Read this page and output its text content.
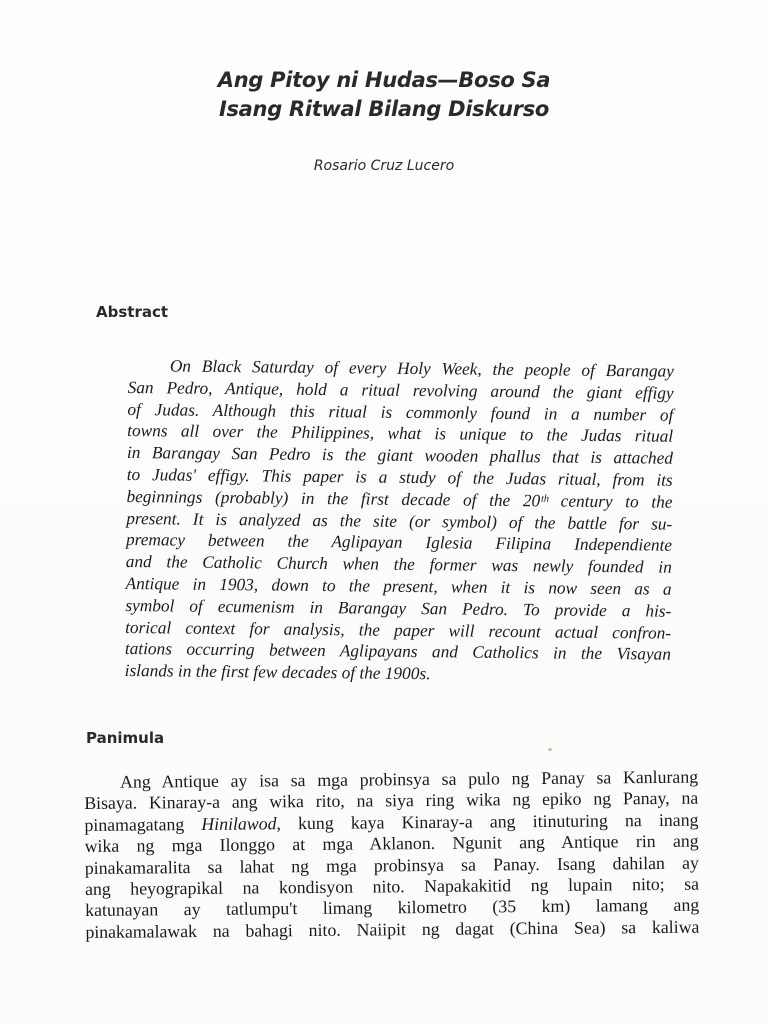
Ang Pitoy ni Hudas—Boso Sa
Isang Ritwal Bilang Diskurso
Rosario Cruz Lucero
Abstract
On Black Saturday of every Holy Week, the people of Barangay
San Pedro, Antique, hold a ritual revolving around the giant effigy
of Judas. Although this ritual is commonly found in a number of
towns all over the Philippines, what is unique to the Judas ritual
in Barangay San Pedro is the giant wooden phallus that is attached
to Judas' effigy. This paper is a study of the Judas ritual, from its
beginnings (probably) in the first decade of the 20ᵗʰ century to the
present. It is analyzed as the site (or symbol) of the battle for su-
premacy between the Aglipayan Iglesia Filipina Independiente
and the Catholic Church when the former was newly founded in
Antique in 1903, down to the present, when it is now seen as a
symbol of ecumenism in Barangay San Pedro. To provide a his-
torical context for analysis, the paper will recount actual confron-
tations occurring between Aglipayans and Catholics in the Visayan
islands in the first few decades of the 1900s.
Panimula
Ang Antique ay isa sa mga probinsya sa pulo ng Panay sa Kanlurang
Bisaya. Kinaray-a ang wika rito, na siya ring wika ng epiko ng Panay, na
pinamagatang Hinilawod, kung kaya Kinaray-a ang itinuturing na inang
wika ng mga Ilonggo at mga Aklanon. Ngunit ang Antique rin ang
pinakamaralita sa lahat ng mga probinsya sa Panay. Isang dahilan ay
ang heyograpikal na kondisyon nito. Napakakitid ng lupain nito; sa
katunayan ay tatlumpu't limang kilometro (35 km) lamang ang
pinakamalawak na bahagi nito. Naiipit ng dagat (China Sea) sa kaliwa
